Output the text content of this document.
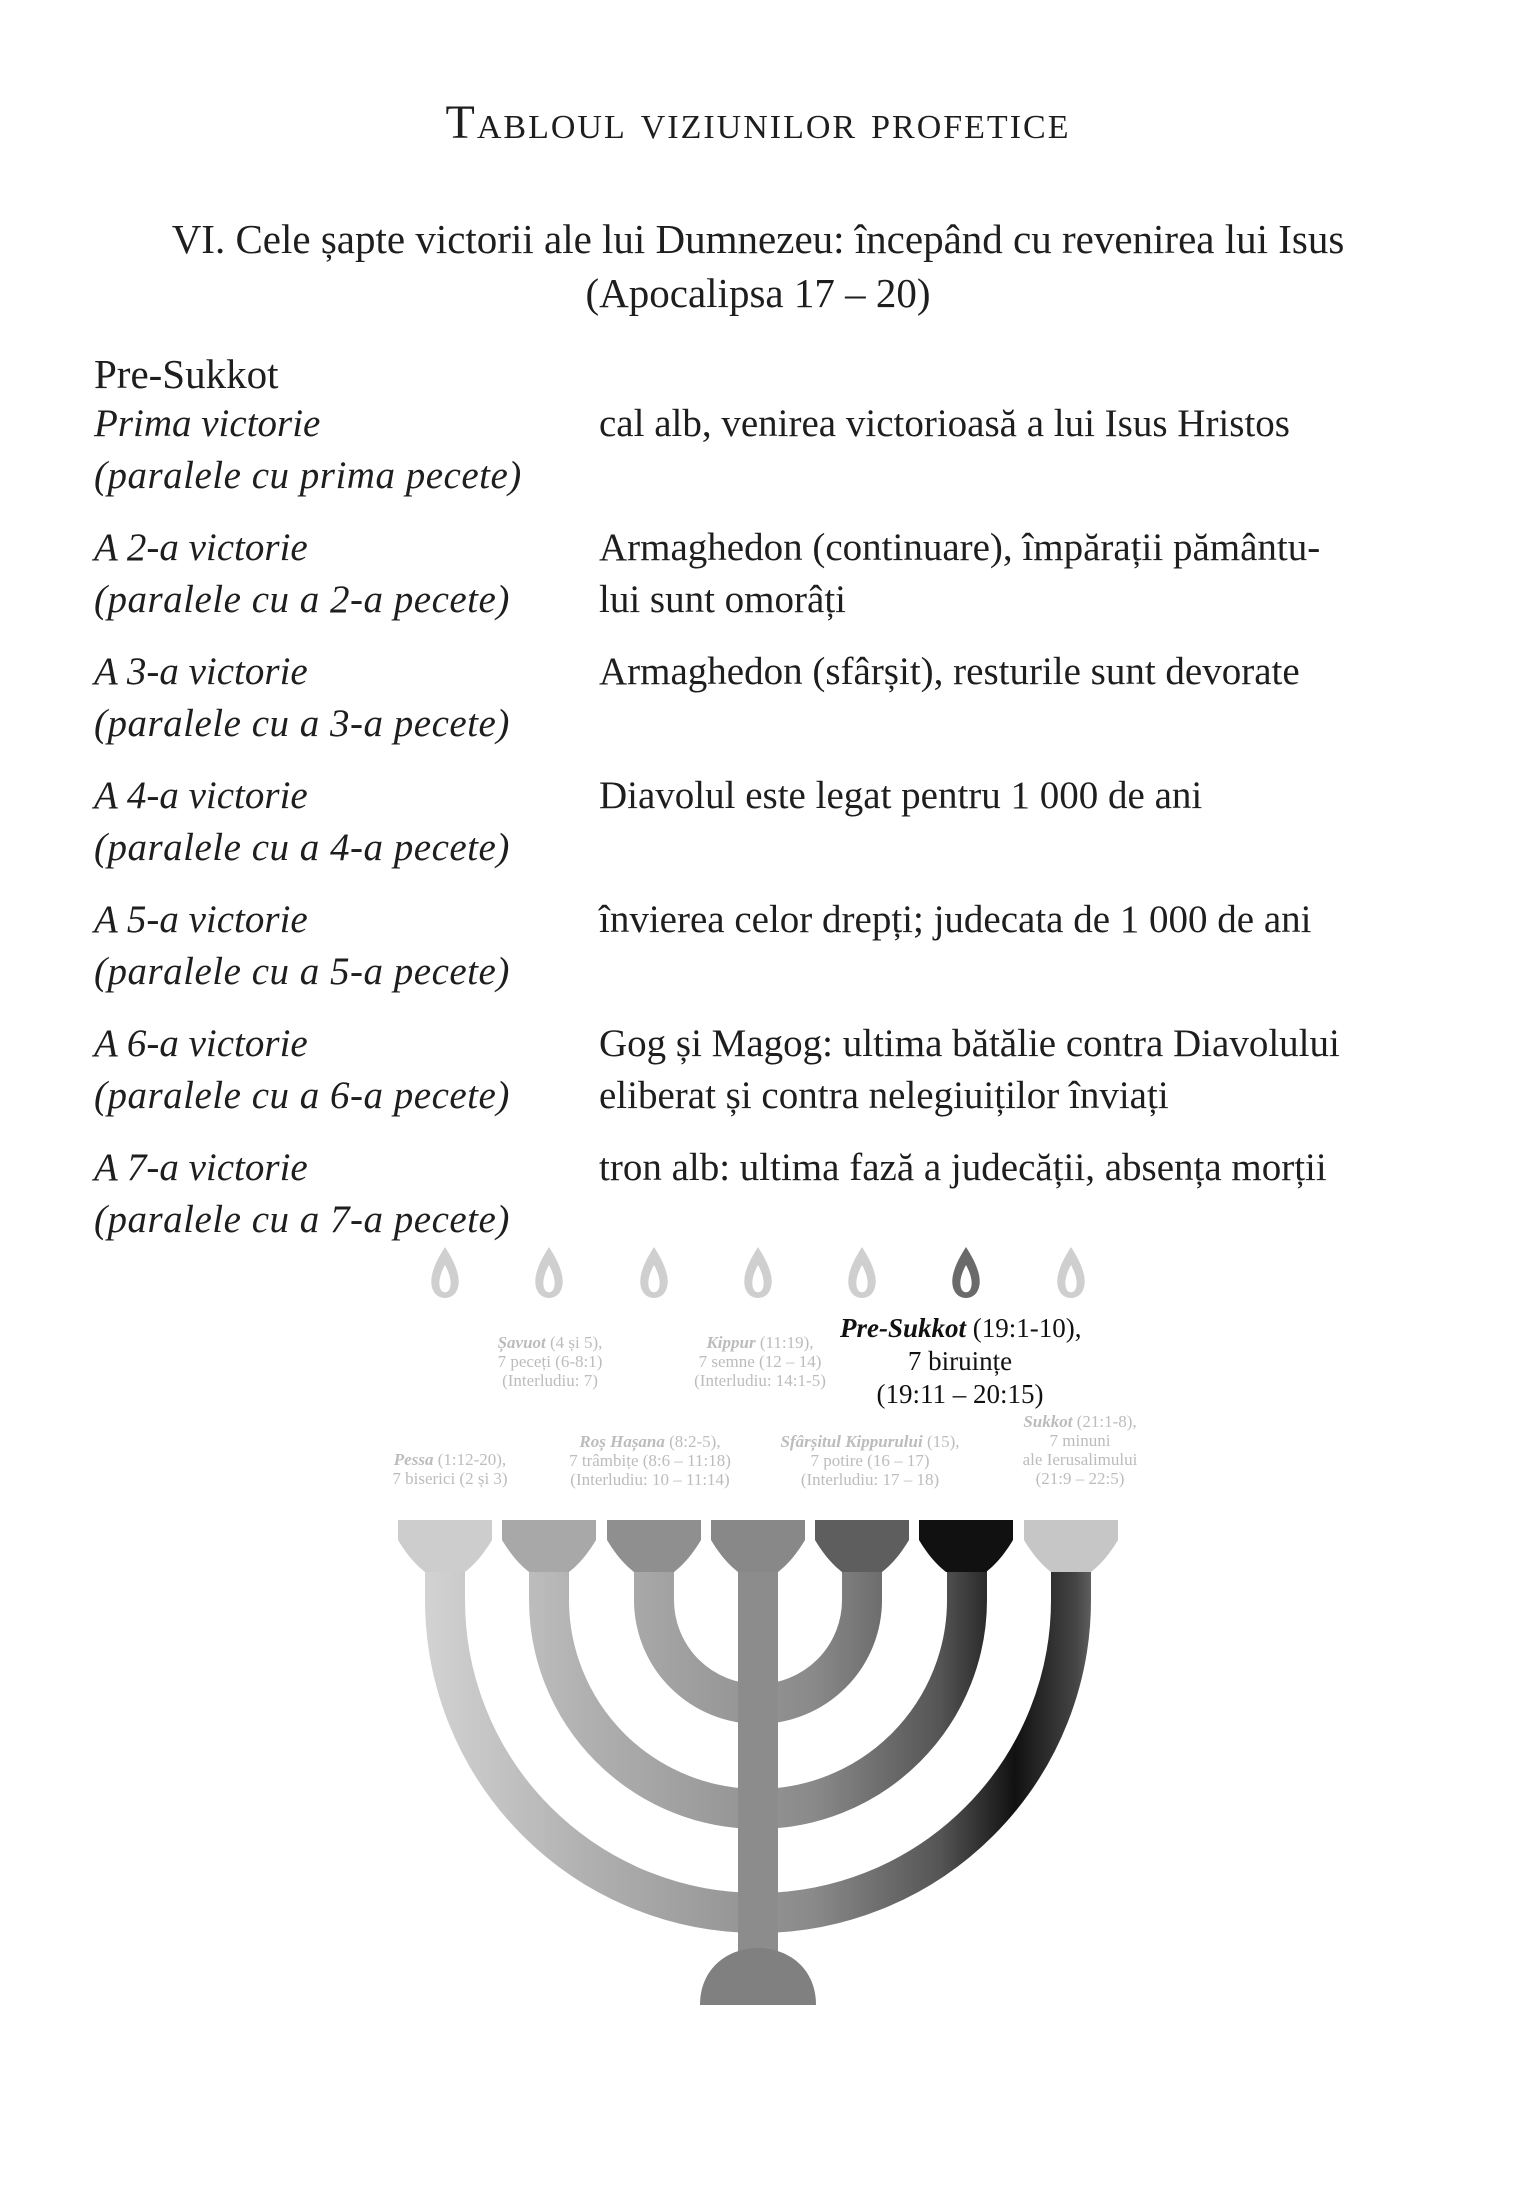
Tabloul viziunilor profetice
VI. Cele șapte victorii ale lui Dumnezeu: începând cu revenirea lui Isus
(Apocalipsa 17 – 20)
Pre-Sukkot
Prima victorie
(paralele cu prima pecete)
cal alb, venirea victorioasă a lui Isus Hristos
A 2-a victorie
(paralele cu a 2-a pecete)
Armaghedon (continuare), împărații pământu-
lui sunt omorâți
A 3-a victorie
(paralele cu a 3-a pecete)
Armaghedon (sfârșit), resturile sunt devorate
A 4-a victorie
(paralele cu a 4-a pecete)
Diavolul este legat pentru 1 000 de ani
A 5-a victorie
(paralele cu a 5-a pecete)
învierea celor drepți; judecata de 1 000 de ani
A 6-a victorie
(paralele cu a 6-a pecete)
Gog și Magog: ultima bătălie contra Diavolului
eliberat și contra nelegiuiților înviați
A 7-a victorie
(paralele cu a 7-a pecete)
tron alb: ultima fază a judecății, absența morții
Pessa (1:12-20),
7 biserici (2 și 3)
Șavuot (4 și 5),
7 peceți (6-8:1)
(Interludiu: 7)
Roș Hașana (8:2-5),
7 trâmbițe (8:6 – 11:18)
(Interludiu: 10 – 11:14)
Kippur (11:19),
7 semne (12 – 14)
(Interludiu: 14:1-5)
Sfârșitul Kippurului (15),
7 potire (16 – 17)
(Interludiu: 17 – 18)
Pre-Sukkot (19:1-10),
7 biruințe
(19:11 – 20:15)
Sukkot (21:1-8),
7 minuni
ale Ierusalimului
(21:9 – 22:5)
